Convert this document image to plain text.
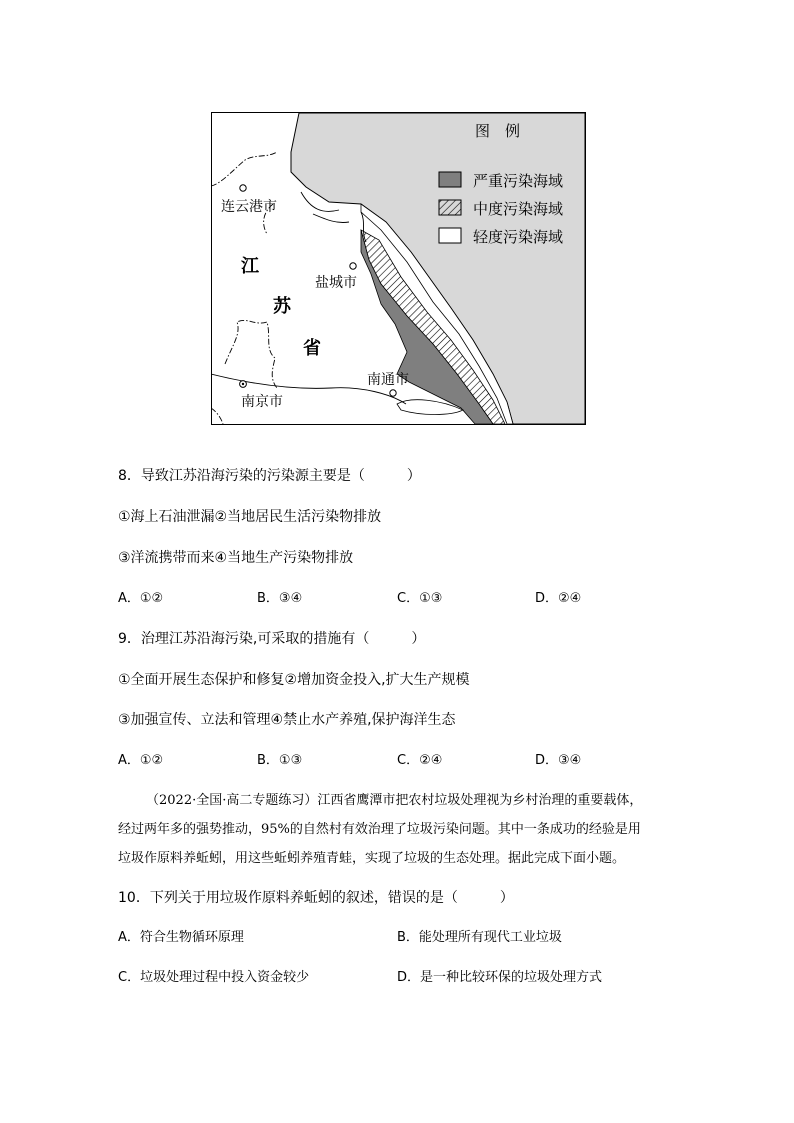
图　例
严重污染海域
中度污染海域
轻度污染海域
连云港市
盐城市
南通市
南京市
江
苏
省
8．导致江苏沿海污染的污染源主要是（　　　）
①海上石油泄漏②当地居民生活污染物排放
③洋流携带而来④当地生产污染物排放
A．①②	B．③④	C．①③	D．②④
9．治理江苏沿海污染,可采取的措施有（　　　）
①全面开展生态保护和修复②增加资金投入,扩大生产规模
③加强宣传、立法和管理④禁止水产养殖,保护海洋生态
A．①②	B．①③	C．②④	D．③④

（2022·全国·高二专题练习）江西省鹰潭市把农村垃圾处理视为乡村治理的重要载体，

经过两年多的强势推动，95%的自然村有效治理了垃圾污染问题。其中一条成功的经验是用

垃圾作原料养蚯蚓，用这些蚯蚓养殖青蛙，实现了垃圾的生态处理。据此完成下面小题。

10．下列关于用垃圾作原料养蚯蚓的叙述，错误的是（　　　）
A．符合生物循环原理	B．能处理所有现代工业垃圾
C．垃圾处理过程中投入资金较少	D．是一种比较环保的垃圾处理方式
